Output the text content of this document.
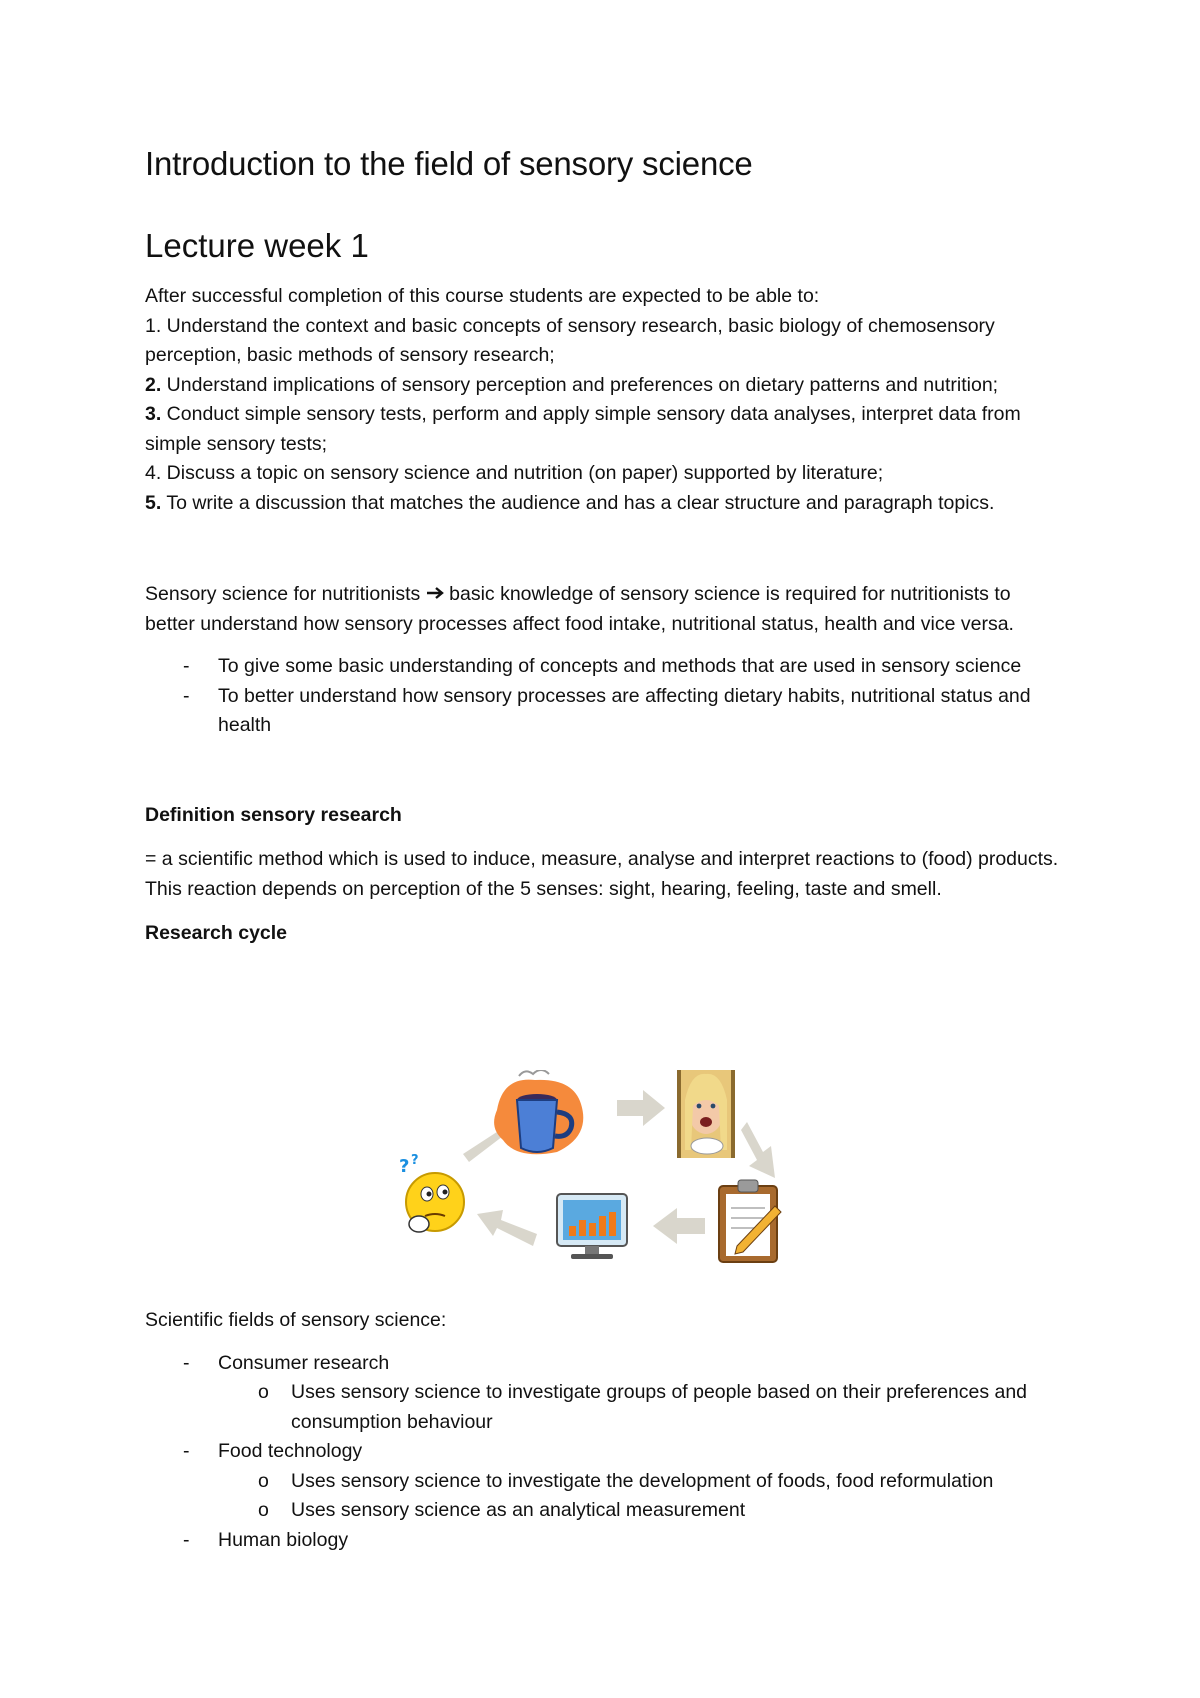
Introduction to the field of sensory science
Lecture week 1

After successful completion of this course students are expected to be able to:

1. Understand the context and basic concepts of sensory research, basic biology of chemosensory perception, basic methods of sensory research;

2. Understand implications of sensory perception and preferences on dietary patterns and nutrition;

3. Conduct simple sensory tests, perform and apply simple sensory data analyses, interpret data from simple sensory tests;

4. Discuss a topic on sensory science and nutrition (on paper) supported by literature;

5. To write a discussion that matches the audience and has a clear structure and paragraph topics.

Sensory science for nutritionists  basic knowledge of sensory science is required for nutritionists to better understand how sensory processes affect food intake, nutritional status, health and vice versa.

- To give some basic understanding of concepts and methods that are used in sensory science
- To better understand how sensory processes are affecting dietary habits, nutritional status and health

Definition sensory research

= a scientific method which is used to induce, measure, analyse and interpret reactions to (food) products. This reaction depends on perception of the 5 senses: sight, hearing, feeling, taste and smell.

Research cycle

? ?

Scientific fields of sensory science:

- Consumer research
o Uses sensory science to investigate groups of people based on their preferences and consumption behaviour
- Food technology
o Uses sensory science to investigate the development of foods, food reformulation
o Uses sensory science as an analytical measurement
- Human biology
